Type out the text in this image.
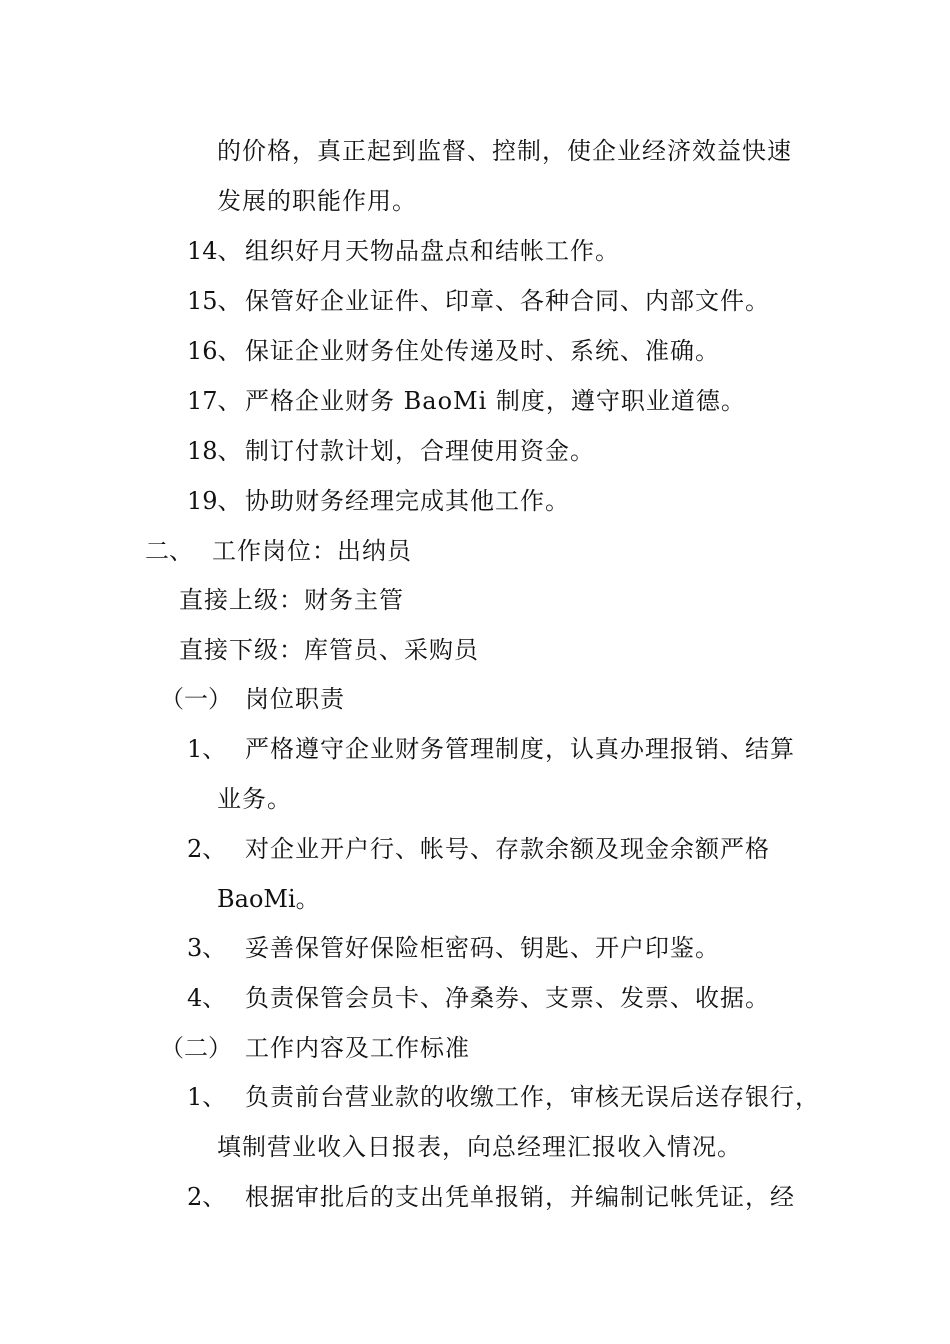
的价格，真正起到监督、控制，使企业经济效益快速
发展的职能作用。
14、 组织好月天物品盘点和结帐工作。
15、 保管好企业证件、印章、各种合同、内部文件。
16、 保证企业财务住处传递及时、系统、准确。
17、 严格企业财务 BaoMi 制度，遵守职业道德。
18、 制订付款计划，合理使用资金。
19、 协助财务经理完成其他工作。
二、 工作岗位：出纳员
直接上级：财务主管
直接下级：库管员、采购员
（一） 岗位职责
1、 严格遵守企业财务管理制度，认真办理报销、结算
业务。
2、 对企业开户行、帐号、存款余额及现金余额严格
BaoMi。
3、 妥善保管好保险柜密码、钥匙、开户印鉴。
4、 负责保管会员卡、净桑券、支票、发票、收据。
（二） 工作内容及工作标准
1、 负责前台营业款的收缴工作，审核无误后送存银行，
填制营业收入日报表，向总经理汇报收入情况。
2、 根据审批后的支出凭单报销，并编制记帐凭证，经
